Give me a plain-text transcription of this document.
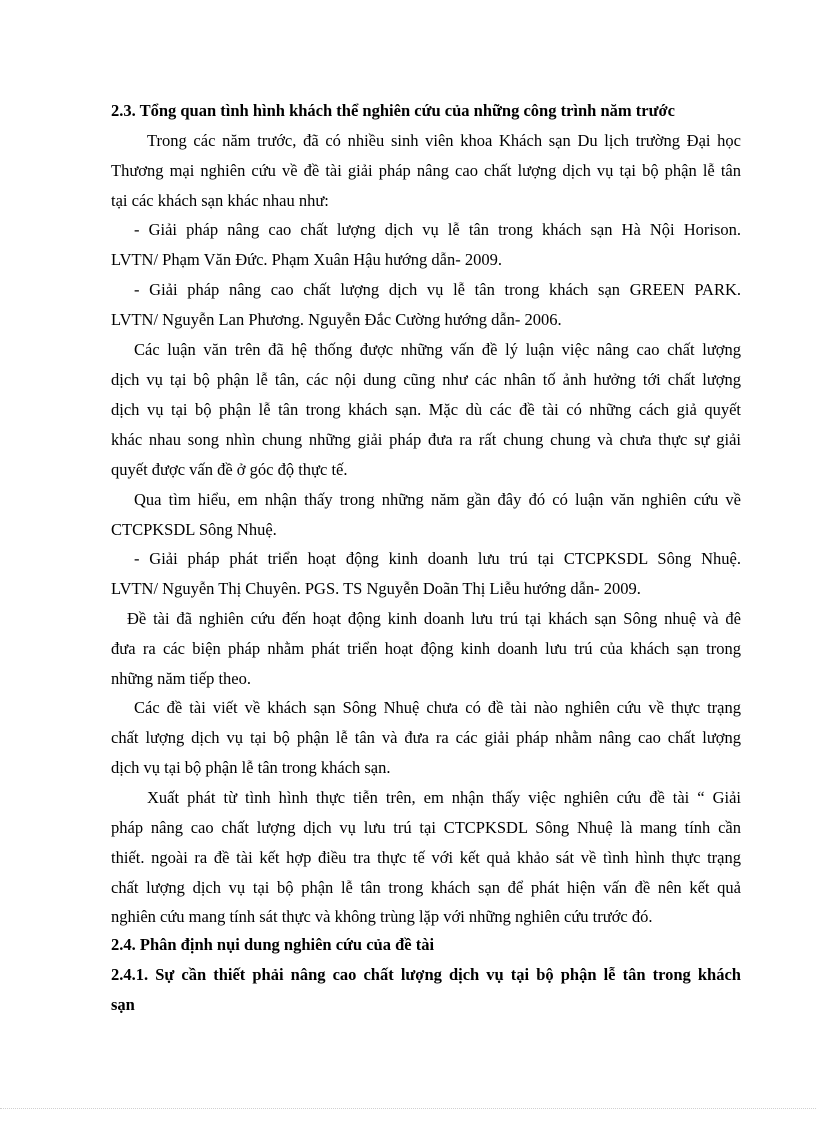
2.3. Tổng quan tình hình khách thể nghiên cứu của những công trình năm trước
Trong các năm trước, đã có nhiều sinh viên khoa Khách sạn Du lịch trường Đại học
Thương mại nghiên cứu về đề tài giải pháp nâng cao chất lượng dịch vụ tại bộ phận lễ tân
tại các khách sạn khác nhau như:
- Giải pháp nâng cao chất lượng dịch vụ lễ tân trong khách sạn Hà Nội Horison.
LVTN/ Phạm Văn Đức. Phạm Xuân Hậu hướng dẫn- 2009.
- Giải pháp nâng cao chất lượng dịch vụ lễ tân trong khách sạn GREEN PARK.
LVTN/ Nguyễn Lan Phương. Nguyễn Đắc Cường hướng dẫn- 2006.
Các luận văn trên đã hệ thống được những vấn đề lý luận việc nâng cao chất lượng
dịch vụ tại bộ phận lễ tân, các nội dung cũng như các nhân tố ảnh hưởng tới chất lượng
dịch vụ tại bộ phận lễ tân trong khách sạn. Mặc dù các đề tài có những cách giả quyết
khác nhau song nhìn chung những giải pháp đưa ra rất chung chung và chưa thực sự giải
quyết được vấn đề ở góc độ thực tế.
Qua tìm hiểu, em nhận thấy trong những năm gần đây đó có luận văn nghiên cứu về
CTCPKSDL Sông Nhuệ.
- Giải pháp phát triển hoạt động kinh doanh lưu trú tại CTCPKSDL Sông Nhuệ.
LVTN/ Nguyễn Thị Chuyên. PGS. TS Nguyễn Doãn Thị Liễu hướng dẫn- 2009.
Đề tài đã nghiên cứu đến hoạt động kinh doanh lưu trú tại khách sạn Sông nhuệ và đê
đưa ra các biện pháp nhằm phát triển hoạt động kinh doanh lưu trú của khách sạn trong
những năm tiếp theo.
Các đề tài viết về khách sạn Sông Nhuệ chưa có đề tài nào nghiên cứu về thực trạng
chất lượng dịch vụ tại bộ phận lễ tân và đưa ra các giải pháp nhằm nâng cao chất lượng
dịch vụ tại bộ phận lễ tân trong khách sạn.
Xuất phát từ tình hình thực tiễn trên, em nhận thấy việc nghiên cứu đề tài “ Giải
pháp nâng cao chất lượng dịch vụ lưu trú tại CTCPKSDL Sông Nhuệ là mang tính cần
thiết. ngoài ra đề tài kết hợp điều tra thực tế với kết quả khảo sát về tình hình thực trạng
chất lượng dịch vụ tại bộ phận lễ tân trong khách sạn để phát hiện vấn đề nên kết quả
nghiên cứu mang tính sát thực và không trùng lặp với những nghiên cứu trước đó.
2.4. Phân định nụi dung nghiên cứu của đề tài
2.4.1. Sự cần thiết phải nâng cao chất lượng dịch vụ tại bộ phận lễ tân trong khách
sạn
